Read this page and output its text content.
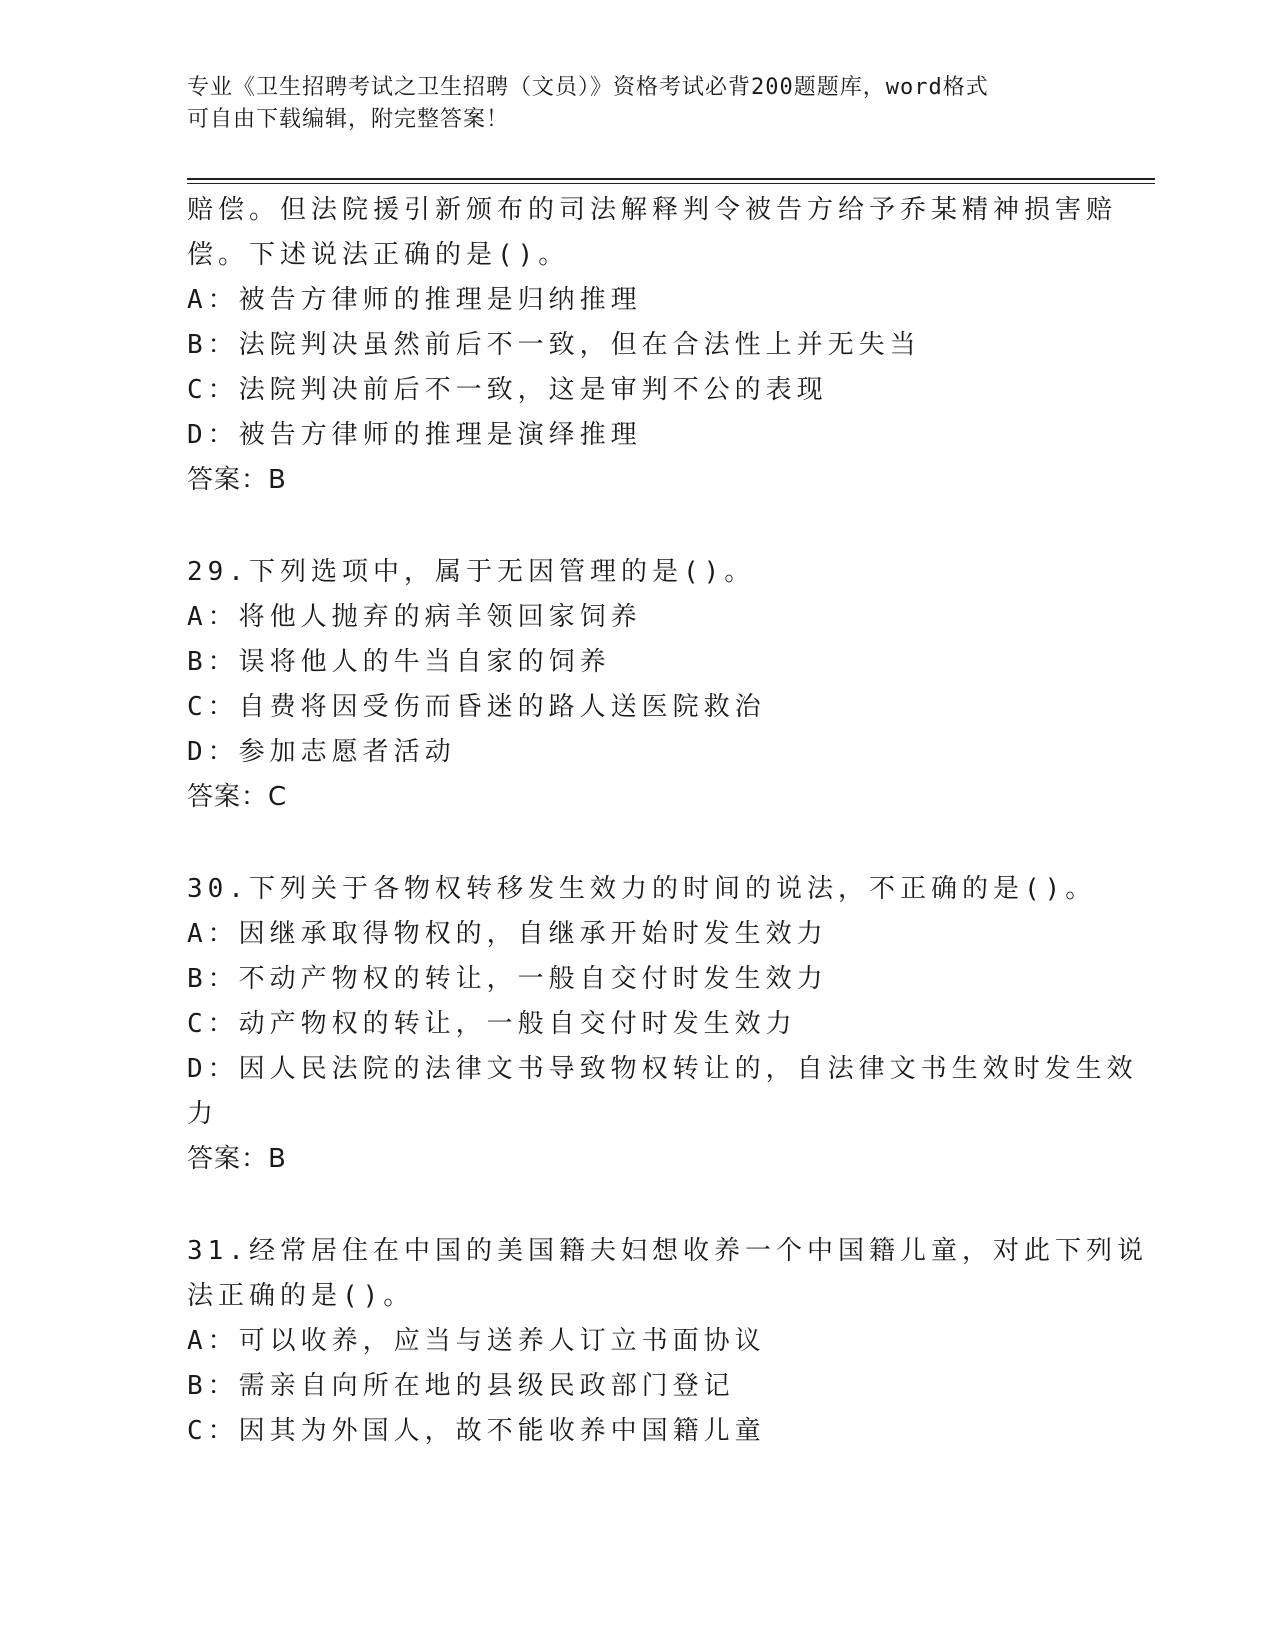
专业《卫生招聘考试之卫生招聘（文员）》资格考试必背200题题库，word格式
可自由下载编辑，附完整答案！
赔偿。但法院援引新颁布的司法解释判令被告方给予乔某精神损害赔
偿。下述说法正确的是()。
A：被告方律师的推理是归纳推理
B：法院判决虽然前后不一致，但在合法性上并无失当
C：法院判决前后不一致，这是审判不公的表现
D：被告方律师的推理是演绎推理
答案：B
29.下列选项中，属于无因管理的是()。
A：将他人抛弃的病羊领回家饲养
B：误将他人的牛当自家的饲养
C：自费将因受伤而昏迷的路人送医院救治
D：参加志愿者活动
答案：C
30.下列关于各物权转移发生效力的时间的说法，不正确的是()。
A：因继承取得物权的，自继承开始时发生效力
B：不动产物权的转让，一般自交付时发生效力
C：动产物权的转让，一般自交付时发生效力
D：因人民法院的法律文书导致物权转让的，自法律文书生效时发生效
力
答案：B
31.经常居住在中国的美国籍夫妇想收养一个中国籍儿童，对此下列说
法正确的是()。
A：可以收养，应当与送养人订立书面协议
B：需亲自向所在地的县级民政部门登记
C：因其为外国人，故不能收养中国籍儿童
